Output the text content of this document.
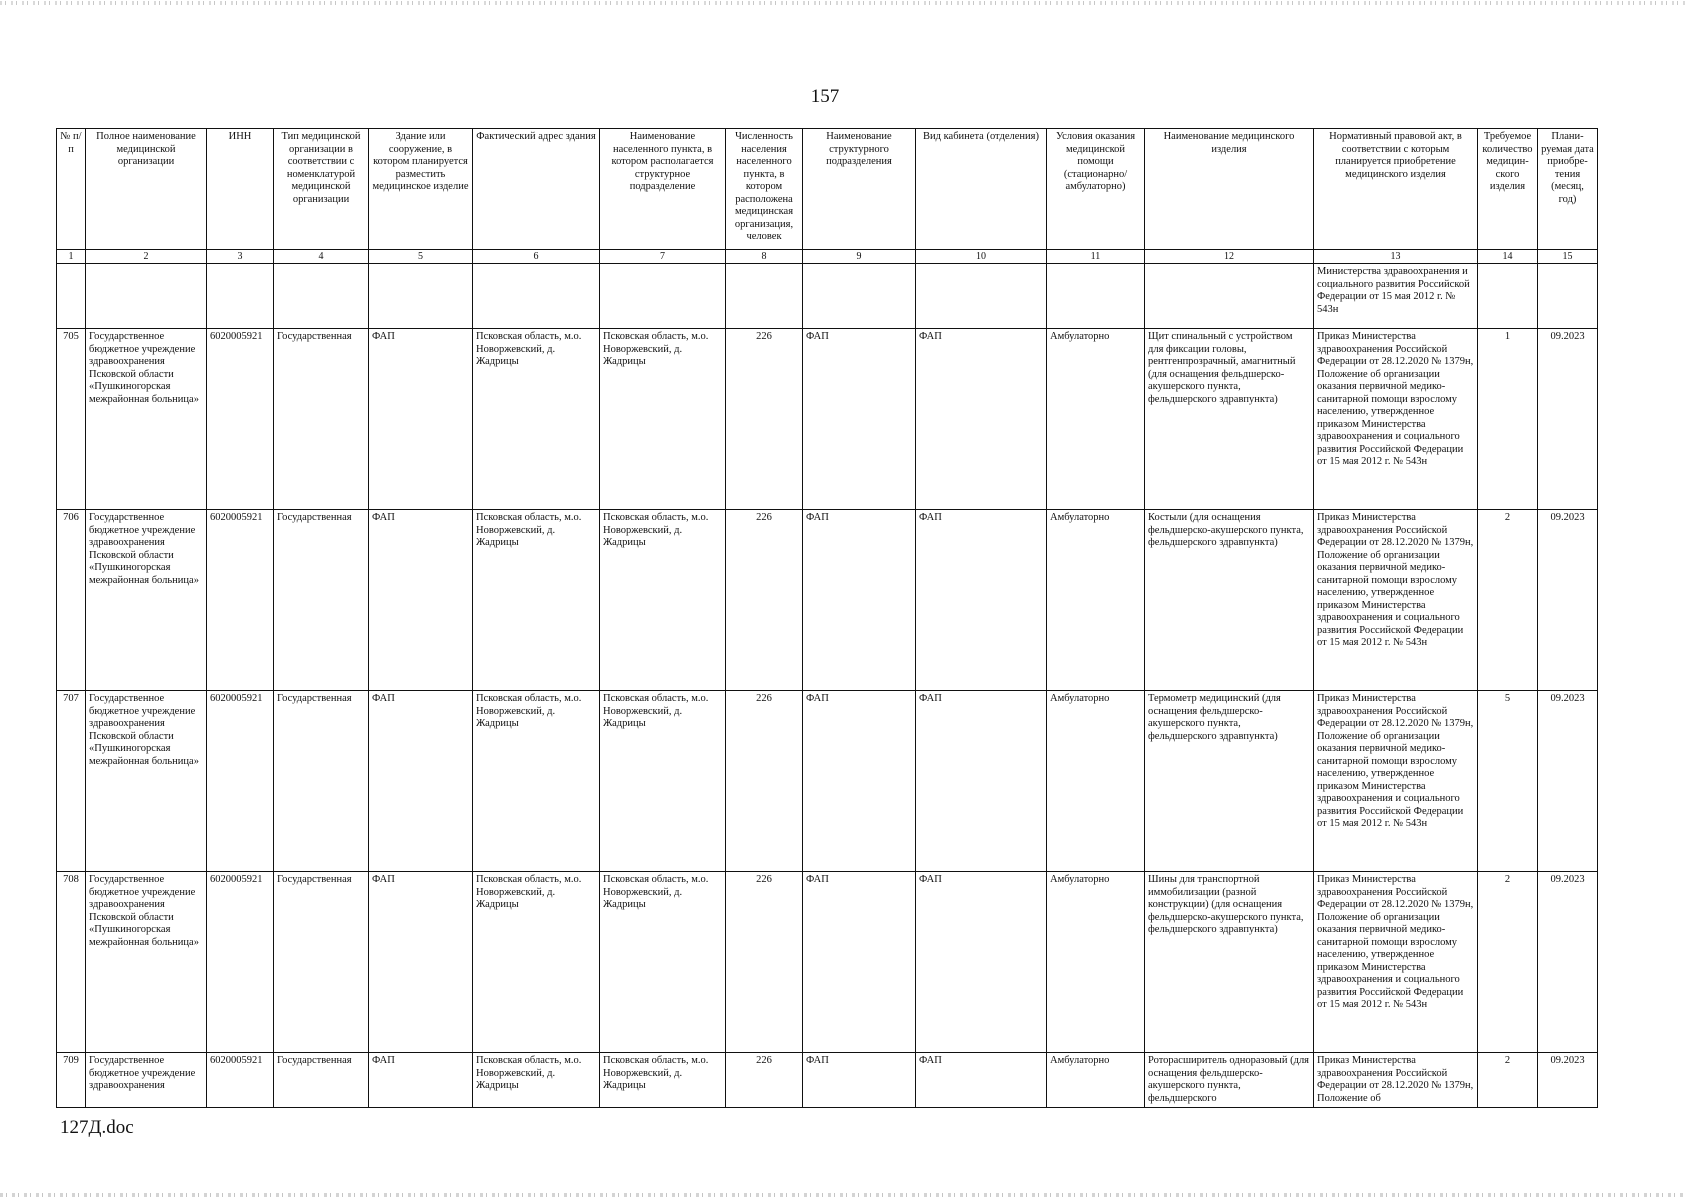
157
№ п/п	Полное наименование медицинской организации	ИНН	Тип медицинской организации в соответствии с номенклатурой медицинской организации	Здание или сооружение, в котором планируется разместить медицинское изделие	Фактический адрес здания	Наименование населенного пункта, в котором располагается структурное подразделение	Численность населения населенного пункта, в котором расположена медицинская организация, человек	Наименование структурного подразделения	Вид кабинета (отделения)	Условия оказания медицинской помощи (стационарно/ амбулаторно)	Наименование медицинского изделия	Нормативный правовой акт, в соответствии с которым планируется приобретение медицинского изделия	Требуемое количество медицин-ского изделия	Плани-руемая дата приобре-тения (месяц, год)
1	2	3	4	5	6	7	8	9	10	11	12	13	14	15
												Министерства здравоохранения и социального развития Российской Федерации от 15 мая 2012 г. № 543н		
705	Государственное бюджетное учреждение здравоохранения Псковской области «Пушкиногорская межрайонная больница»	6020005921	Государственная	ФАП	Псковская область, м.о. Новоржевский, д. Жадрицы	Псковская область, м.о. Новоржевский, д. Жадрицы	226	ФАП	ФАП	Амбулаторно	Щит спинальный с устройством для фиксации головы, рентгенпрозрачный, амагнитный (для оснащения фельдшерско-акушерского пункта, фельдшерского здравпункта)	Приказ Министерства здравоохранения Российской Федерации от 28.12.2020 № 1379н, Положение об организации оказания первичной медико-санитарной помощи взрослому населению, утвержденное приказом Министерства здравоохранения и социального развития Российской Федерации от 15 мая 2012 г. № 543н	1	09.2023
706	Государственное бюджетное учреждение здравоохранения Псковской области «Пушкиногорская межрайонная больница»	6020005921	Государственная	ФАП	Псковская область, м.о. Новоржевский, д. Жадрицы	Псковская область, м.о. Новоржевский, д. Жадрицы	226	ФАП	ФАП	Амбулаторно	Костыли (для оснащения фельдшерско-акушерского пункта, фельдшерского здравпункта)	Приказ Министерства здравоохранения Российской Федерации от 28.12.2020 № 1379н, Положение об организации оказания первичной медико-санитарной помощи взрослому населению, утвержденное приказом Министерства здравоохранения и социального развития Российской Федерации от 15 мая 2012 г. № 543н	2	09.2023
707	Государственное бюджетное учреждение здравоохранения Псковской области «Пушкиногорская межрайонная больница»	6020005921	Государственная	ФАП	Псковская область, м.о. Новоржевский, д. Жадрицы	Псковская область, м.о. Новоржевский, д. Жадрицы	226	ФАП	ФАП	Амбулаторно	Термометр медицинский (для оснащения фельдшерско-акушерского пункта, фельдшерского здравпункта)	Приказ Министерства здравоохранения Российской Федерации от 28.12.2020 № 1379н, Положение об организации оказания первичной медико-санитарной помощи взрослому населению, утвержденное приказом Министерства здравоохранения и социального развития Российской Федерации от 15 мая 2012 г. № 543н	5	09.2023
708	Государственное бюджетное учреждение здравоохранения Псковской области «Пушкиногорская межрайонная больница»	6020005921	Государственная	ФАП	Псковская область, м.о. Новоржевский, д. Жадрицы	Псковская область, м.о. Новоржевский, д. Жадрицы	226	ФАП	ФАП	Амбулаторно	Шины для транспортной иммобилизации (разной конструкции) (для оснащения фельдшерско-акушерского пункта, фельдшерского здравпункта)	Приказ Министерства здравоохранения Российской Федерации от 28.12.2020 № 1379н, Положение об организации оказания первичной медико-санитарной помощи взрослому населению, утвержденное приказом Министерства здравоохранения и социального развития Российской Федерации от 15 мая 2012 г. № 543н	2	09.2023
709	Государственное бюджетное учреждение здравоохранения	6020005921	Государственная	ФАП	Псковская область, м.о. Новоржевский, д. Жадрицы	Псковская область, м.о. Новоржевский, д. Жадрицы	226	ФАП	ФАП	Амбулаторно	Роторасширитель одноразовый (для оснащения фельдшерско-акушерского пункта, фельдшерского	Приказ Министерства здравоохранения Российской Федерации от 28.12.2020 № 1379н, Положение об	2	09.2023
127Д.doc
